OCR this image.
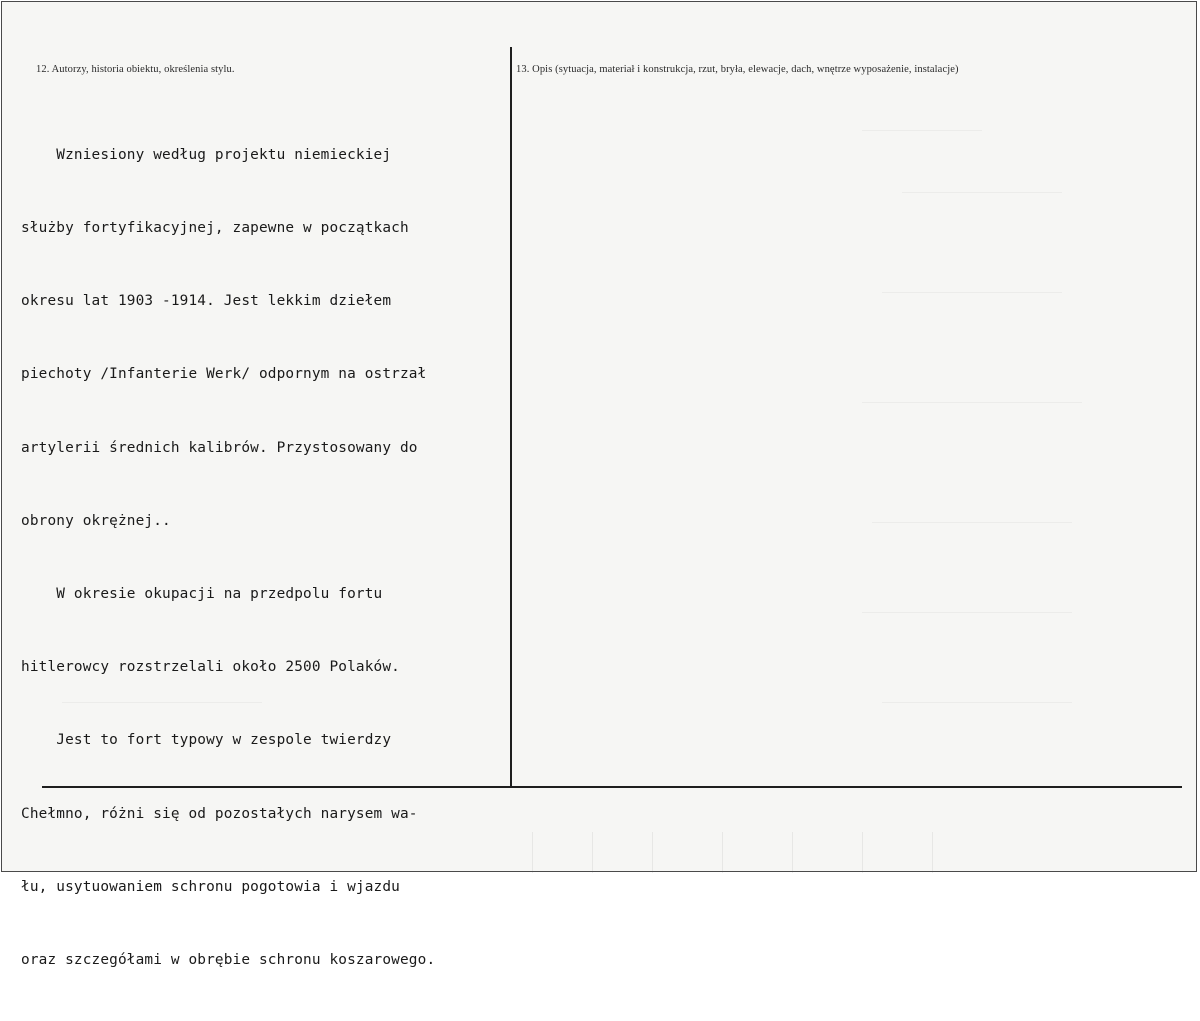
12. Autorzy, historia obiektu, określenia stylu.	13. Opis (sytuacja, materiał i konstrukcja, rzut, bryła, elewacje, dach, wnętrze wyposażenie, instalacje)

Wzniesiony według projektu niemieckiej

służby fortyfikacyjnej, zapewne w początkach

okresu lat 1903 -1914. Jest lekkim dziełem

piechoty /Infanterie Werk/ odpornym na ostrzał

artylerii średnich kalibrów. Przystosowany do

obrony okrężnej..

W okresie okupacji na przedpolu fortu

hitlerowcy rozstrzelali około 2500 Polaków.

Jest to fort typowy w zespole twierdzy

Chełmno, różni się od pozostałych narysem wa-

łu, usytuowaniem schronu pogotowia i wjazdu

oraz szczegółami w obrębie schronu koszarowego.
